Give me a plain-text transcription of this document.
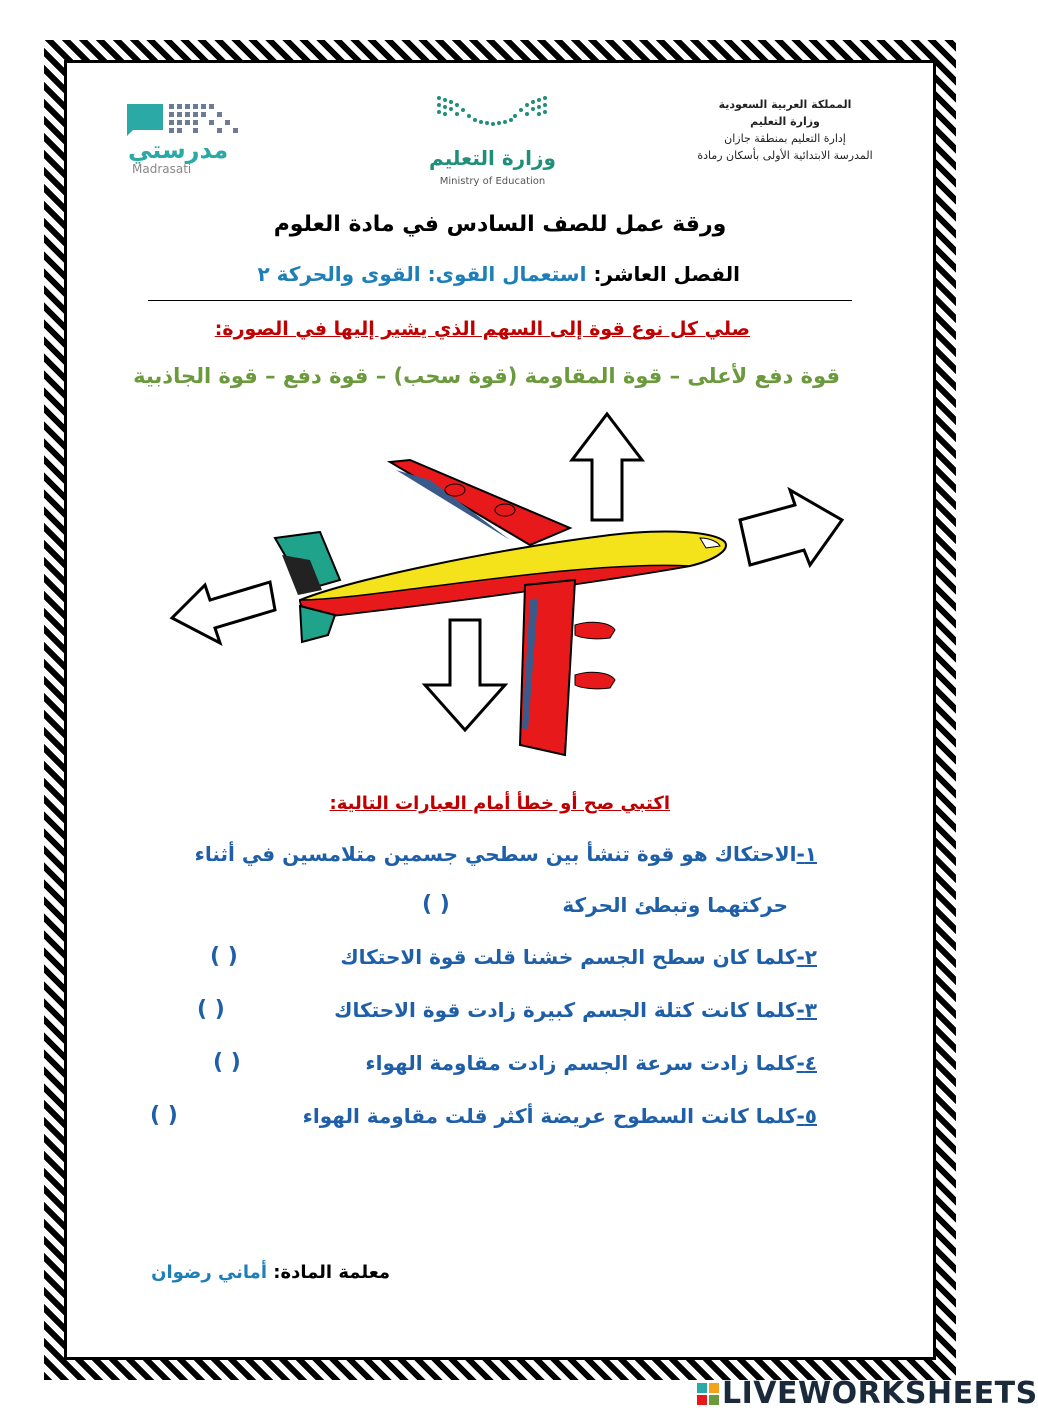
المملكة العربية السعودية
وزارة التعليم
إدارة التعليم بمنطقة جازان
المدرسة الابتدائية الأولى بأسكان رمادة
وزارة التعليم
Ministry of Education
مدرستي
Madrasati
ورقة عمل للصف السادس في مادة العلوم
الفصل العاشر: استعمال القوى: القوى والحركة ٢
صلي كل نوع قوة إلى السهم الذي يشير إليها في الصورة:
قوة دفع لأعلى – قوة المقاومة (قوة سحب) – قوة دفع – قوة الجاذبية
اكتبي صح أو خطأ أمام العبارات التالية:
١-الاحتكاك هو قوة تنشأ بين سطحي جسمين متلامسين في أثناء
حركتهما وتبطئ الحركة
( )
٢-كلما كان سطح الجسم خشنا قلت قوة الاحتكاك
( )
٣-كلما كانت كتلة الجسم كبيرة زادت قوة الاحتكاك
( )
٤-كلما زادت سرعة الجسم زادت مقاومة الهواء
( )
٥-كلما كانت السطوح عريضة أكثر قلت مقاومة الهواء
( )
معلمة المادة: أماني رضوان
LIVEWORKSHEETS
